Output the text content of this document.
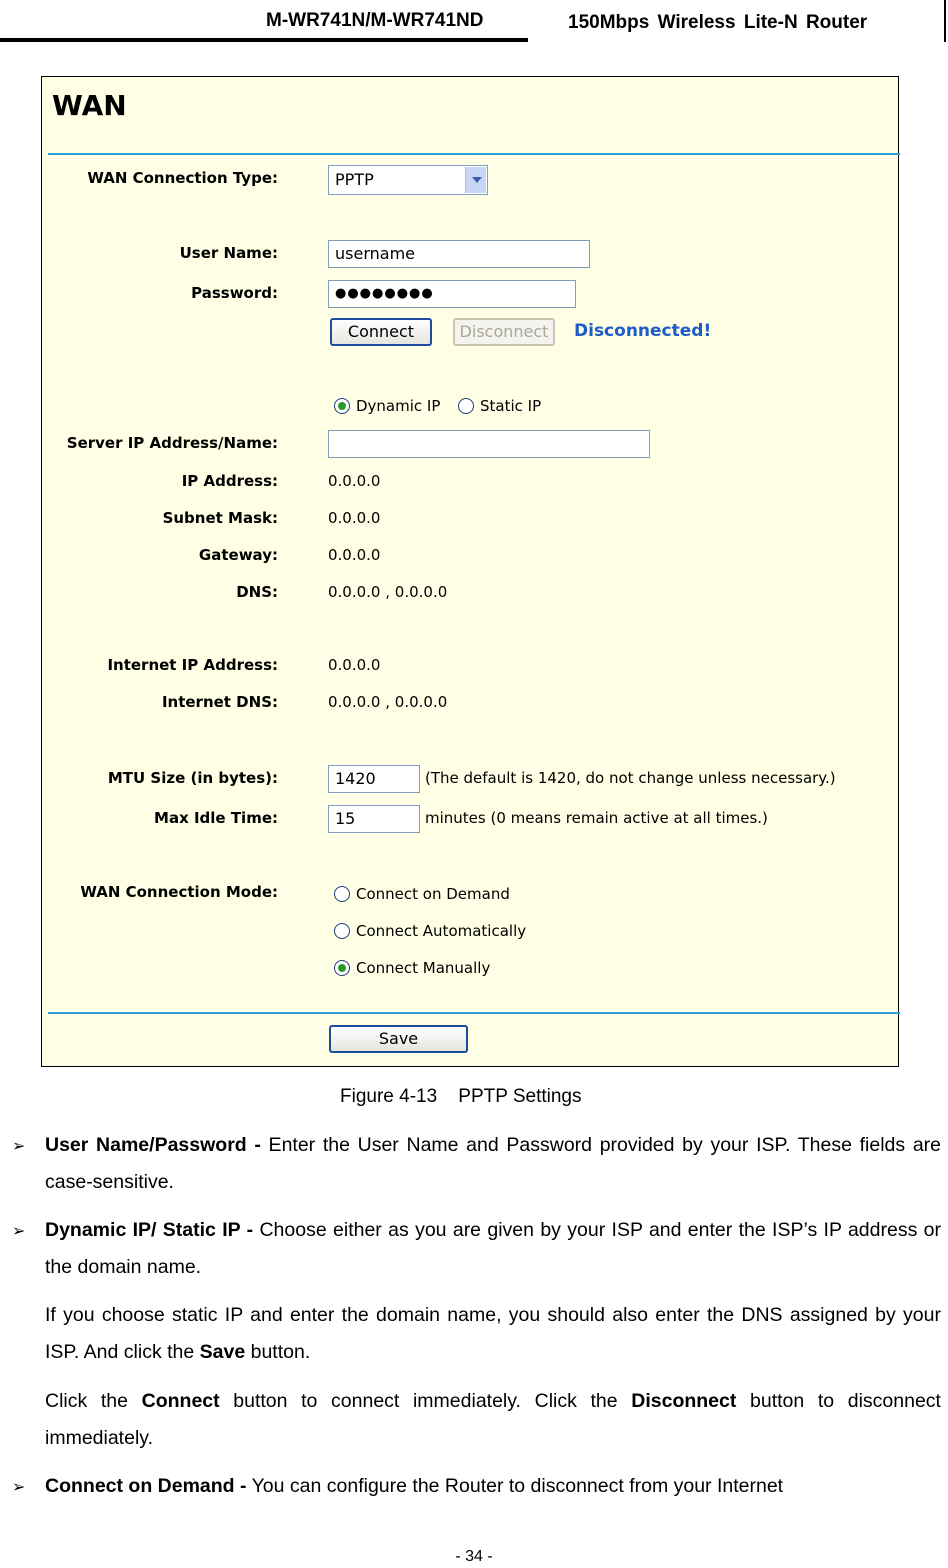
M-WR741N/M-WR741ND	150Mbps Wireless Lite-N Router
WAN
WAN Connection Type:	PPTP
User Name:	username
Password:	●●●●●●●●
Connect	Disconnect	Disconnected!
Dynamic IP	Static IP
Server IP Address/Name:
IP Address:	0.0.0.0
Subnet Mask:	0.0.0.0
Gateway:	0.0.0.0
DNS:	0.0.0.0 , 0.0.0.0
Internet IP Address:	0.0.0.0
Internet DNS:	0.0.0.0 , 0.0.0.0
MTU Size (in bytes):	1420	(The default is 1420, do not change unless necessary.)
Max Idle Time:	15	minutes (0 means remain active at all times.)
WAN Connection Mode:	Connect on Demand
Connect Automatically
Connect Manually
Save
Figure 4-13    PPTP Settings
➢ User Name/Password - Enter the User Name and Password provided by your ISP. These fields are case-sensitive.
➢ Dynamic IP/ Static IP - Choose either as you are given by your ISP and enter the ISP’s IP address or the domain name.
If you choose static IP and enter the domain name, you should also enter the DNS assigned by your ISP. And click the Save button.
Click the Connect button to connect immediately. Click the Disconnect button to disconnect immediately.
➢ Connect on Demand - You can configure the Router to disconnect from your Internet
- 34 -
